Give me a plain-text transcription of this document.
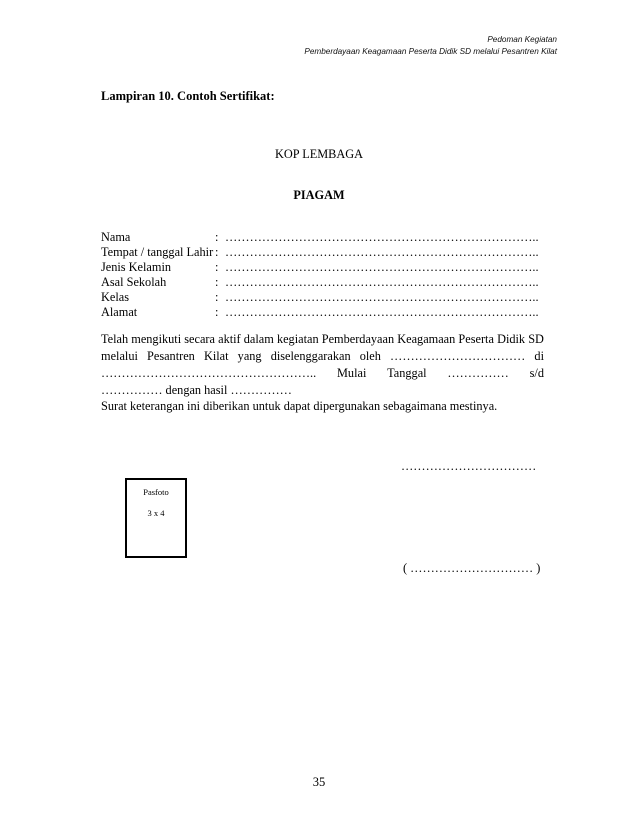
Pedoman Kegiatan
Pemberdayaan Keagamaan Peserta Didik SD melalui Pesantren Kilat
Lampiran 10. Contoh Sertifikat:
KOP LEMBAGA
PIAGAM
Nama	: …………………………………………………………………..
Tempat / tanggal Lahir : …………………………………………………………………..
Jenis Kelamin	: …………………………………………………………………..
Asal Sekolah	: …………………………………………………………………..
Kelas	: …………………………………………………………………..
Alamat	: …………………………………………………………………..
Telah mengikuti secara aktif dalam kegiatan Pemberdayaan Keagamaan Peserta Didik SD
melalui Pesantren Kilat yang diselenggarakan oleh …………………………… di
…………………………………………….. Mulai Tanggal …………… s/d
…………… dengan hasil ……………
Surat keterangan ini diberikan untuk dapat dipergunakan sebagaimana mestinya.
……………………………
Pasfoto
3 x 4
( ………………………… )
35
